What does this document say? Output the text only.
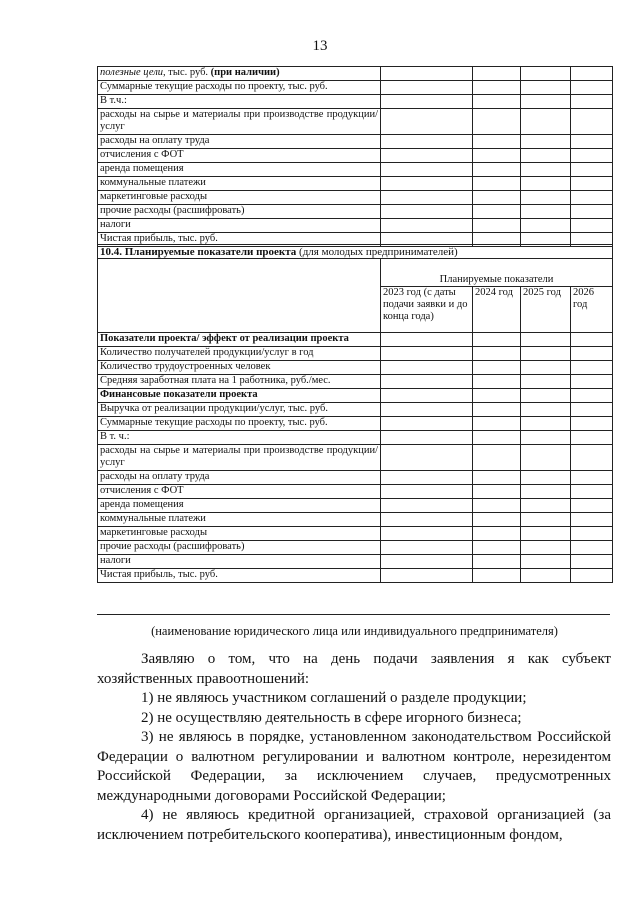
13
полезные цели, тыс. руб. (при наличии)				
Суммарные текущие расходы по проекту, тыс. руб.				
В т.ч.:				
расходы на сырье и материалы при производстве продукции/услуг				
расходы на оплату труда				
отчисления с ФОТ				
аренда помещения				
коммунальные платежи				
маркетинговые расходы				
прочие расходы (расшифровать)				
налоги				
Чистая прибыль, тыс. руб.				
10.4. Планируемые показатели проекта (для молодых предпринимателей)				
	Планируемые показатели			
	2023 год (с даты подачи заявки и до конца года)	2024 год	2025 год	2026 год
Показатели проекта/ эффект от реализации проекта				
Количество получателей продукции/услуг в год				
Количество трудоустроенных человек				
Средняя заработная плата на 1 работника, руб./мес.				
Финансовые показатели проекта				
Выручка от реализации продукции/услуг, тыс. руб.				
Суммарные текущие расходы по проекту, тыс. руб.				
В т. ч.:				
расходы на сырье и материалы при производстве продукции/услуг				
расходы на оплату труда				
отчисления с ФОТ				
аренда помещения				
коммунальные платежи				
маркетинговые расходы				
прочие расходы (расшифровать)				
налоги				
Чистая прибыль, тыс. руб.				
(наименование юридического лица или индивидуального предпринимателя)

Заявляю о том, что на день подачи заявления я как субъект хозяйственных правоотношений:

1) не являюсь участником соглашений о разделе продукции;

2) не осуществляю деятельность в сфере игорного бизнеса;

3) не являюсь в порядке, установленном законодательством Российской Федерации о валютном регулировании и валютном контроле, нерезидентом Российской Федерации, за исключением случаев, предусмотренных международными договорами Российской Федерации;

4) не являюсь кредитной организацией, страховой организацией (за исключением потребительского кооператива), инвестиционным фондом,
